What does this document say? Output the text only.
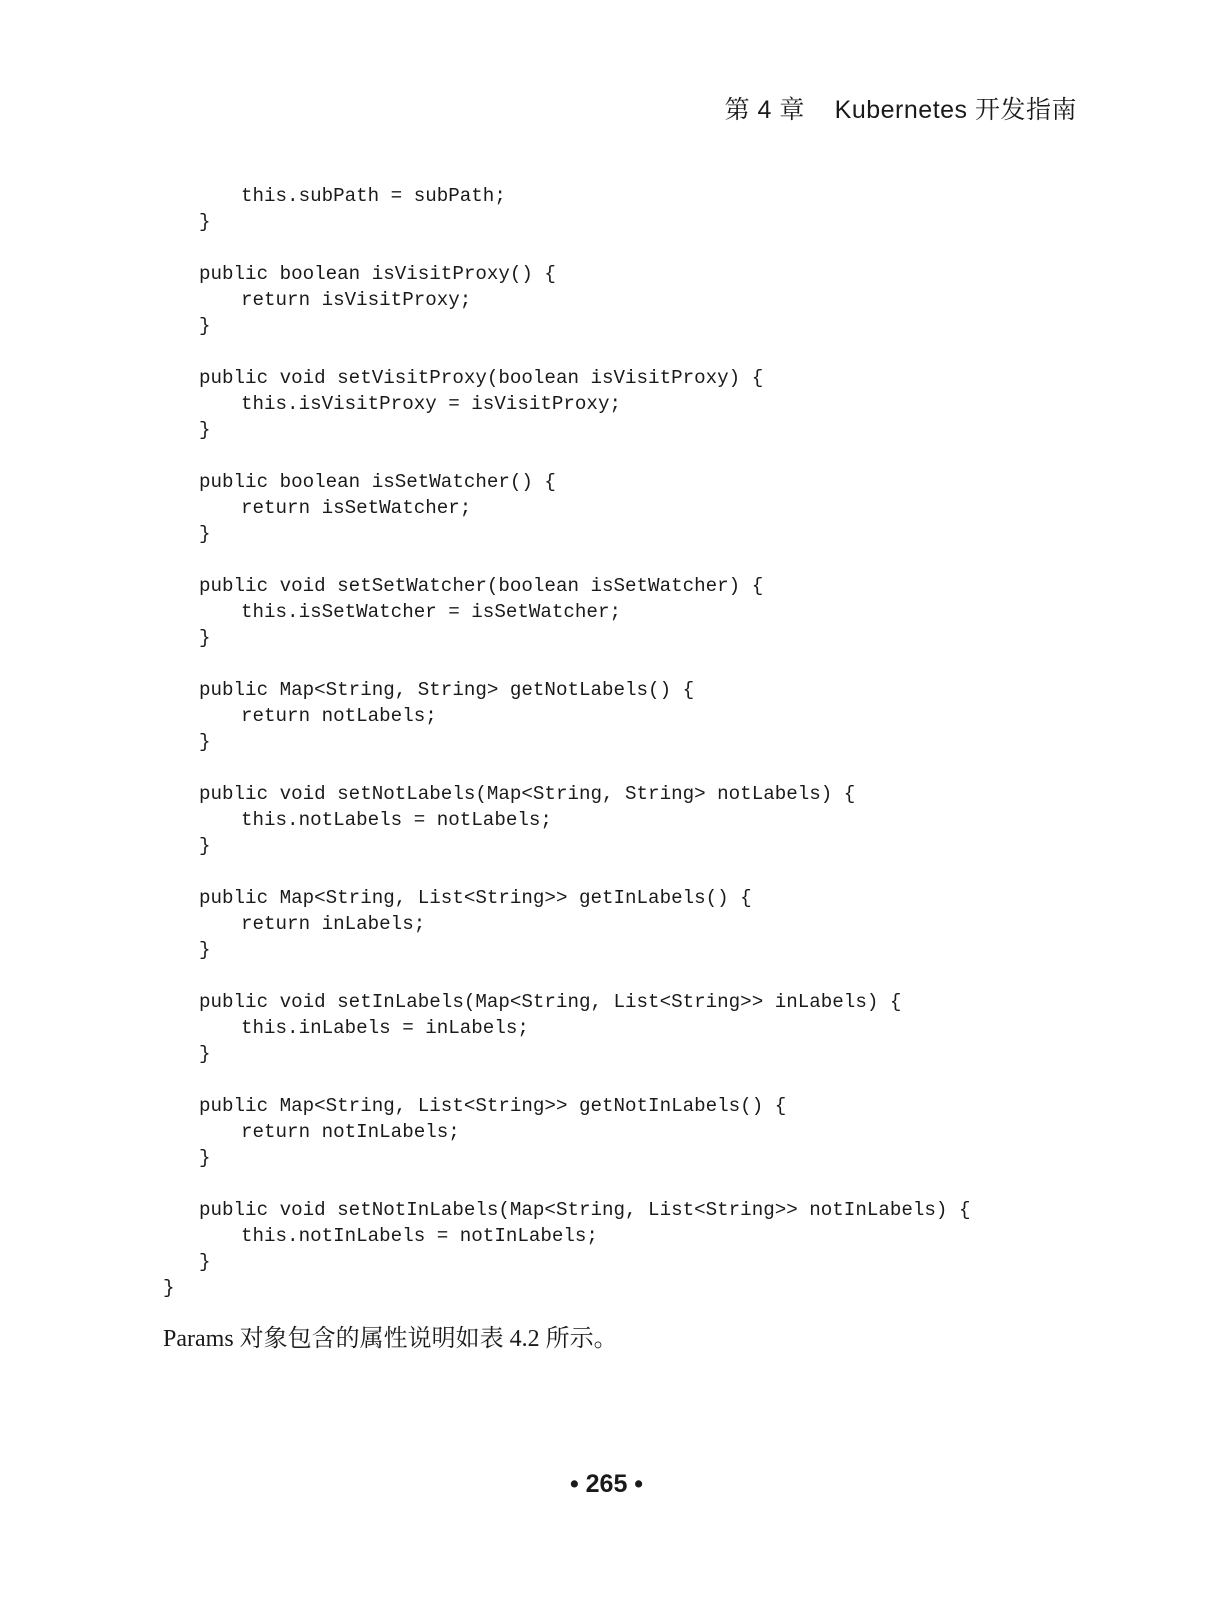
第 4 章    Kubernetes 开发指南
this.subPath = subPath;
}
public boolean isVisitProxy() {
return isVisitProxy;
}
public void setVisitProxy(boolean isVisitProxy) {
this.isVisitProxy = isVisitProxy;
}
public boolean isSetWatcher() {
return isSetWatcher;
}
public void setSetWatcher(boolean isSetWatcher) {
this.isSetWatcher = isSetWatcher;
}
public Map<String, String> getNotLabels() {
return notLabels;
}
public void setNotLabels(Map<String, String> notLabels) {
this.notLabels = notLabels;
}
public Map<String, List<String>> getInLabels() {
return inLabels;
}
public void setInLabels(Map<String, List<String>> inLabels) {
this.inLabels = inLabels;
}
public Map<String, List<String>> getNotInLabels() {
return notInLabels;
}
public void setNotInLabels(Map<String, List<String>> notInLabels) {
this.notInLabels = notInLabels;
}
}
Params 对象包含的属性说明如表 4.2 所示。
• 265 •
